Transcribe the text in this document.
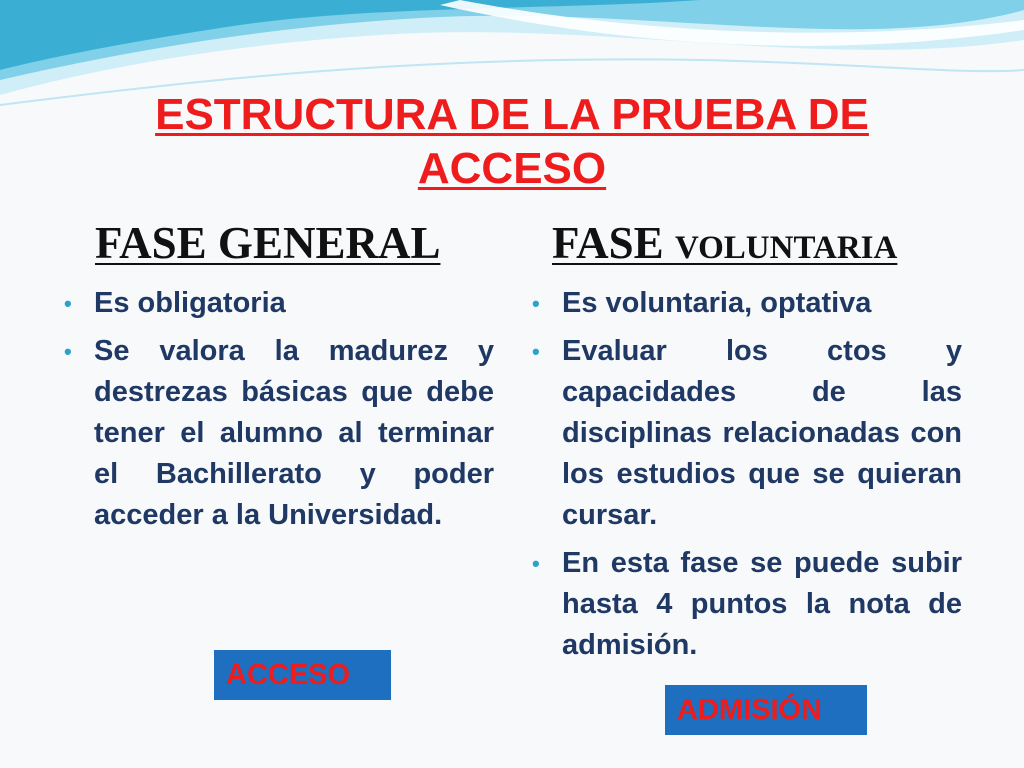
ESTRUCTURA DE LA PRUEBA DE
ACCESO
FASE GENERAL FASE VOLUNTARIA
• Es obligatoria
• Se valora la madurez y destrezas básicas que debe tener el alumno al terminar el Bachillerato y poder acceder a la Universidad.
• Es voluntaria, optativa
• Evaluar los ctos y capacidades de las disciplinas relacionadas con los estudios que se quieran cursar.
• En esta fase se puede subir hasta 4 puntos la nota de admisión.
ACCESO
ADMISIÓN
